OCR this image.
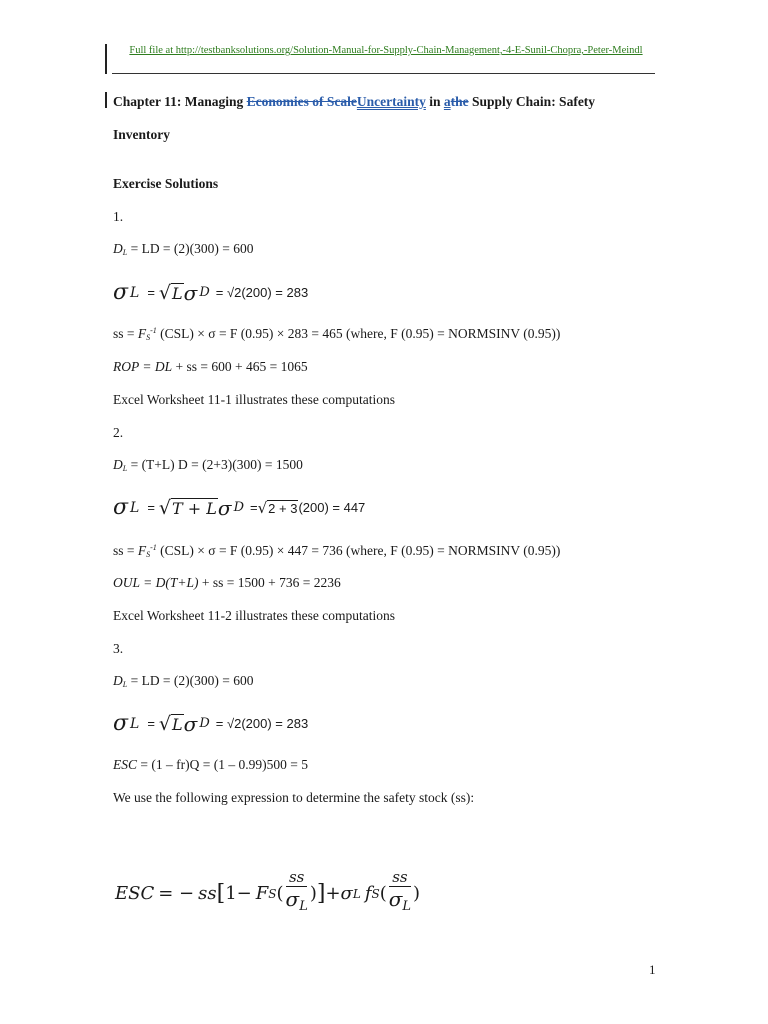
Full file at http://testbanksolutions.org/Solution-Manual-for-Supply-Chain-Management,-4-E-Sunil-Chopra,-Peter-Meindl
Chapter 11: Managing Economies of ScaleUncertainty in athe Supply Chain: Safety
Inventory
Exercise Solutions
1.
$D_L$ = LD = (2)(300) = 600
σ L = √ L σ D = √2(200) = 283
ss = $F_S^{-1}$ (CSL) × σ = F (0.95) × 283 = 465 (where, F (0.95) = NORMSINV (0.95))
ROP = DL + ss = 600 + 465 = 1065
Excel Worksheet 11-1 illustrates these computations
2.
$D_L = (T+L) D = (2+3)(300) = 1500$
σ L = √ T + L σ D = √ 2 + 3 (200) = 447
ss = $F_S^{-1}$ (CSL) × σ = F (0.95) × 447 = 736 (where, F (0.95) = NORMSINV (0.95))
OUL = D(T+L) + ss = 1500 + 736 = 2236
Excel Worksheet 11-2 illustrates these computations
3.
$D_L$ = LD = (2)(300) = 600
σ L = √ L σ D = √2(200) = 283
ESC = (1 – fr)Q = (1 – 0.99)500 = 5
We use the following expression to determine the safety stock (ss):
ESC = − ss [ 1− F S ( $\frac{ss}{\sigma_L}$ ) ] + σ L f S ( $\frac{ss}{\sigma_L}$ )
1
